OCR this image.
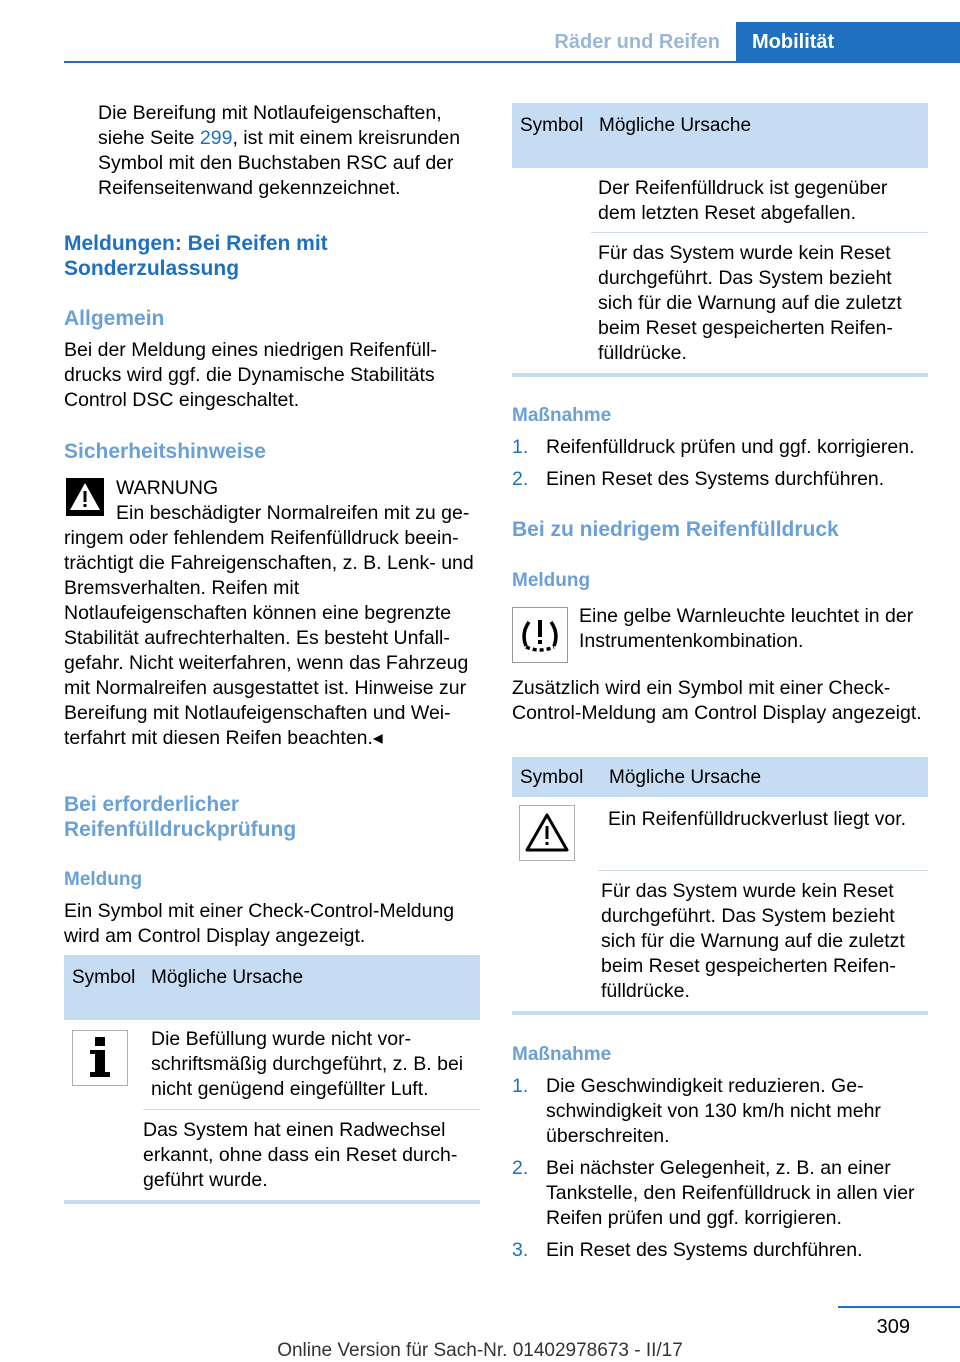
Räder und Reifen	Mobilität

Die Bereifung mit Notlaufeigenschaften, siehe Seite 299, ist mit einem kreisrunden Symbol mit den Buchstaben RSC auf der Reifenseitenwand gekennzeichnet.

Meldungen: Bei Reifen mit Sonderzulassung

Allgemein

Bei der Meldung eines niedrigen Reifenfülldrucks wird ggf. die Dynamische Stabilitäts Control DSC eingeschaltet.

Sicherheitshinweise

WARNUNG

Ein beschädigter Normalreifen mit zu geringem oder fehlendem Reifenfülldruck beeinträchtigt die Fahreigenschaften, z. B. Lenk- und Bremsverhalten. Reifen mit Notlaufeigenschaften können eine begrenzte Stabilität aufrechterhalten. Es besteht Unfallgefahr. Nicht weiterfahren, wenn das Fahrzeug mit Normalreifen ausgestattet ist. Hinweise zur Bereifung mit Notlaufeigenschaften und Weiterfahrt mit diesen Reifen beachten.◂

Bei erforderlicher Reifenfülldruckprüfung

Meldung

Ein Symbol mit einer Check-Control-Meldung wird am Control Display angezeigt.

Symbol Mögliche Ursache

Die Befüllung wurde nicht vorschriftsmäßig durchgeführt, z. B. bei nicht genügend eingefüllter Luft.

Das System hat einen Radwechsel erkannt, ohne dass ein Reset durchgeführt wurde.

Symbol Mögliche Ursache

Der Reifenfülldruck ist gegenüber dem letzten Reset abgefallen.

Für das System wurde kein Reset durchgeführt. Das System bezieht sich für die Warnung auf die zuletzt beim Reset gespeicherten Reifenfülldrücke.

Maßnahme

1. Reifenfülldruck prüfen und ggf. korrigieren.
2. Einen Reset des Systems durchführen.

Bei zu niedrigem Reifenfülldruck

Meldung

Eine gelbe Warnleuchte leuchtet in der Instrumentenkombination.

Zusätzlich wird ein Symbol mit einer Check-Control-Meldung am Control Display angezeigt.

Symbol	Mögliche Ursache

Ein Reifenfülldruckverlust liegt vor.

Für das System wurde kein Reset durchgeführt. Das System bezieht sich für die Warnung auf die zuletzt beim Reset gespeicherten Reifenfülldrücke.

Maßnahme

1. Die Geschwindigkeit reduzieren. Geschwindigkeit von 130 km/h nicht mehr überschreiten.
2. Bei nächster Gelegenheit, z. B. an einer Tankstelle, den Reifenfülldruck in allen vier Reifen prüfen und ggf. korrigieren.
3. Ein Reset des Systems durchführen.
309
Online Version für Sach-Nr. 01402978673 - II/17
